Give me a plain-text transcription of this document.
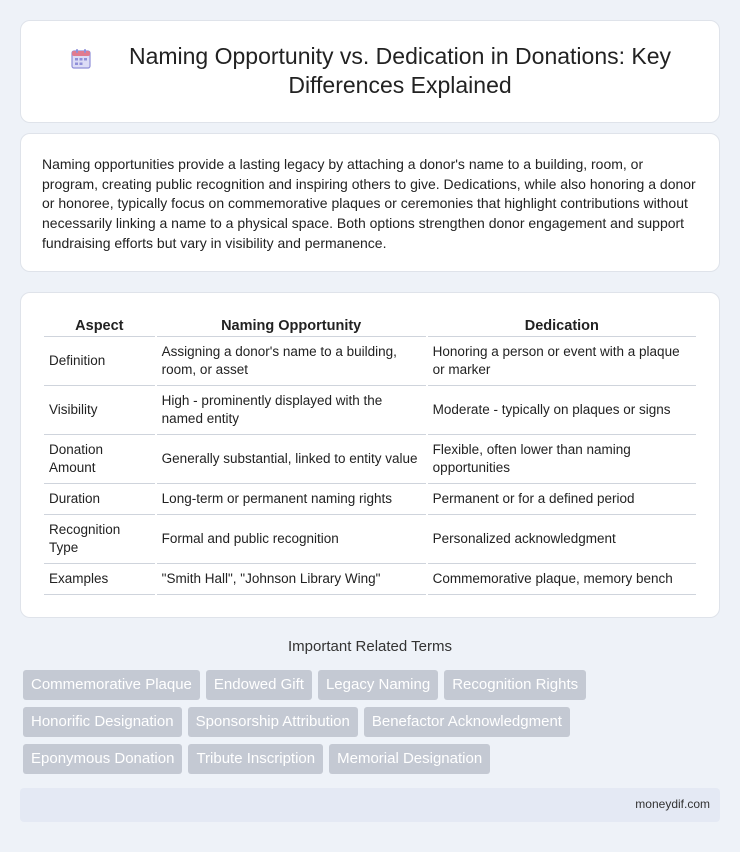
Naming Opportunity vs. Dedication in Donations: Key Differences Explained

Naming opportunities provide a lasting legacy by attaching a donor's name to a building, room, or program, creating public recognition and inspiring others to give. Dedications, while also honoring a donor or honoree, typically focus on commemorative plaques or ceremonies that highlight contributions without necessarily linking a name to a physical space. Both options strengthen donor engagement and support fundraising efforts but vary in visibility and permanence.

Aspect	Naming Opportunity	Dedication
Definition	Assigning a donor's name to a building, room, or asset	Honoring a person or event with a plaque or marker
Visibility	High - prominently displayed with the named entity	Moderate - typically on plaques or signs
Donation Amount	Generally substantial, linked to entity value	Flexible, often lower than naming opportunities
Duration	Long-term or permanent naming rights	Permanent or for a defined period
Recognition Type	Formal and public recognition	Personalized acknowledgment
Examples	"Smith Hall", "Johnson Library Wing"	Commemorative plaque, memory bench
Important Related Terms
Commemorative Plaque	Endowed Gift	Legacy Naming	Recognition Rights
Honorific Designation	Sponsorship Attribution	Benefactor Acknowledgment
Eponymous Donation	Tribute Inscription	Memorial Designation
moneydif.com
